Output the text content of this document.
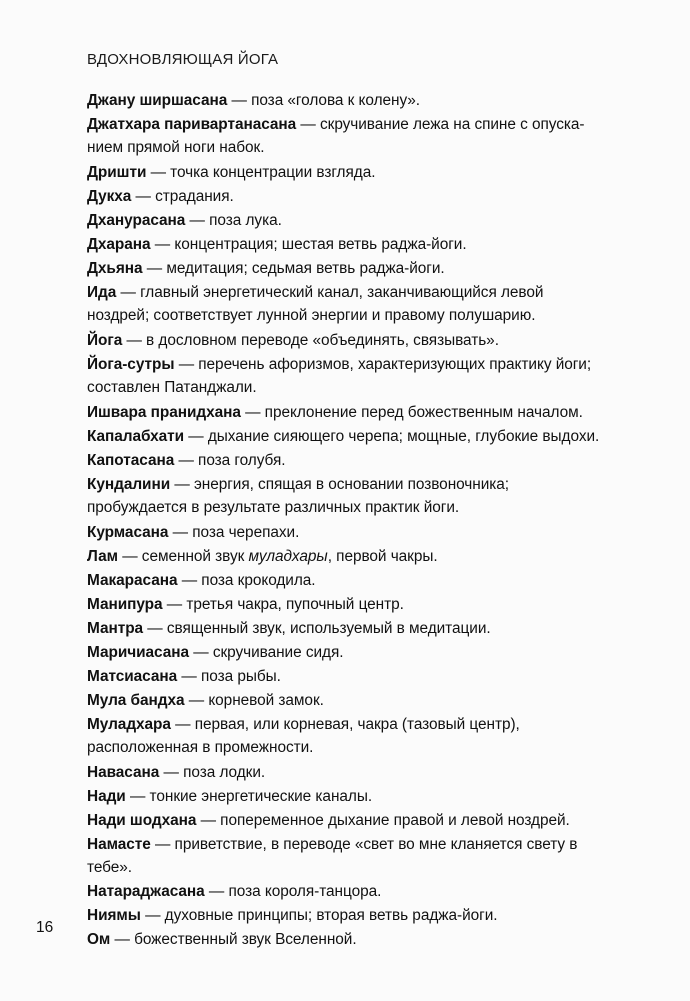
ВДОХНОВЛЯЮЩАЯ ЙОГА

Джану ширшасана — поза «голова к колену».

Джатхара паривартанасана — скручивание лежа на спине с опусканием прямой ноги набок.

Дришти — точка концентрации взгляда.

Дукха — страдания.

Дханурасана — поза лука.

Дхарана — концентрация; шестая ветвь раджа-йоги.

Дхьяна — медитация; седьмая ветвь раджа-йоги.

Ида — главный энергетический канал, заканчивающийся левой ноздрей; соответствует лунной энергии и правому полушарию.

Йога — в дословном переводе «объединять, связывать».

Йога-сутры — перечень афоризмов, характеризующих практику йоги; составлен Патанджали.

Ишвара пранидхана — преклонение перед божественным началом.

Капалабхати — дыхание сияющего черепа; мощные, глубокие выдохи.

Капотасана — поза голубя.

Кундалини — энергия, спящая в основании позвоночника; пробуждается в результате различных практик йоги.

Курмасана — поза черепахи.

Лам — семенной звук муладхары, первой чакры.

Макарасана — поза крокодила.

Манипура — третья чакра, пупочный центр.

Мантра — священный звук, используемый в медитации.

Маричиасана — скручивание сидя.

Матсиасана — поза рыбы.

Мула бандха — корневой замок.

Муладхара — первая, или корневая, чакра (тазовый центр), расположенная в промежности.

Навасана — поза лодки.

Нади — тонкие энергетические каналы.

Нади шодхана — попеременное дыхание правой и левой ноздрей.

Намасте — приветствие, в переводе «свет во мне кланяется свету в тебе».

Натараджасана — поза короля-танцора.

Ниямы — духовные принципы; вторая ветвь раджа-йоги.

Ом — божественный звук Вселенной.

16
